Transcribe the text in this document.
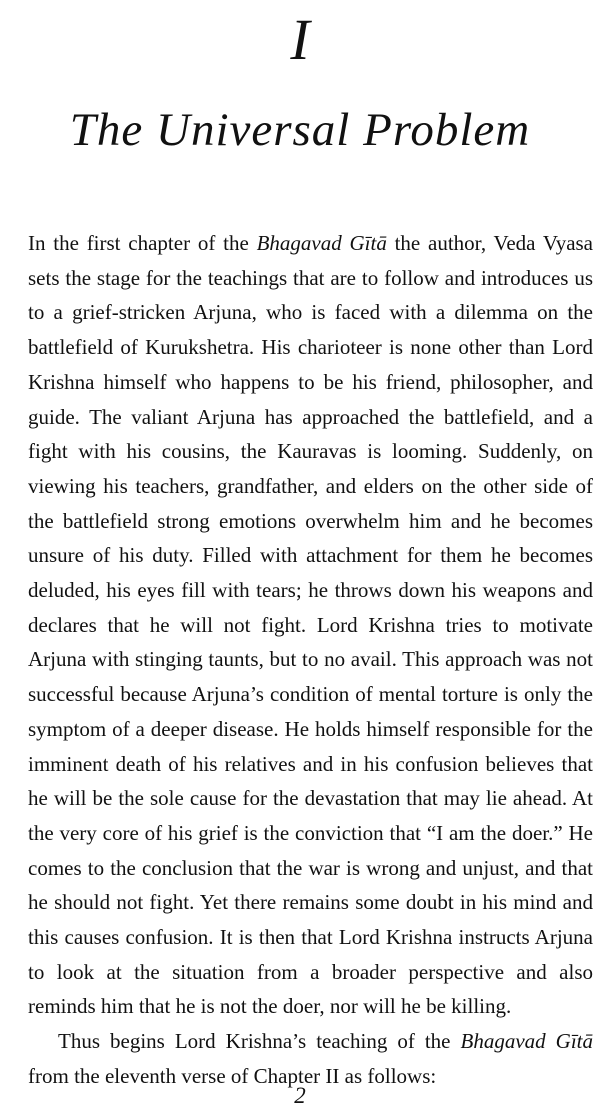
I
The Universal Problem

In the first chapter of the Bhagavad Gītā the author, Veda Vyasa sets the stage for the teachings that are to follow and introduces us to a grief-stricken Arjuna, who is faced with a dilemma on the battlefield of Kurukshetra. His charioteer is none other than Lord Krishna himself who happens to be his friend, philosopher, and guide. The valiant Arjuna has approached the battlefield, and a fight with his cousins, the Kauravas is looming. Suddenly, on viewing his teachers, grandfather, and elders on the other side of the battlefield strong emotions overwhelm him and he becomes unsure of his duty. Filled with attachment for them he becomes deluded, his eyes fill with tears; he throws down his weapons and declares that he will not fight. Lord Krishna tries to motivate Arjuna with stinging taunts, but to no avail. This approach was not successful because Arjuna’s condition of mental torture is only the symptom of a deeper disease. He holds himself responsible for the imminent death of his relatives and in his confusion believes that he will be the sole cause for the devastation that may lie ahead. At the very core of his grief is the conviction that “I am the doer.” He comes to the conclusion that the war is wrong and unjust, and that he should not fight. Yet there remains some doubt in his mind and this causes confusion. It is then that Lord Krishna instructs Arjuna to look at the situation from a broader perspective and also reminds him that he is not the doer, nor will he be killing.

Thus begins Lord Krishna’s teaching of the Bhagavad Gītā from the eleventh verse of Chapter II as follows:

2
